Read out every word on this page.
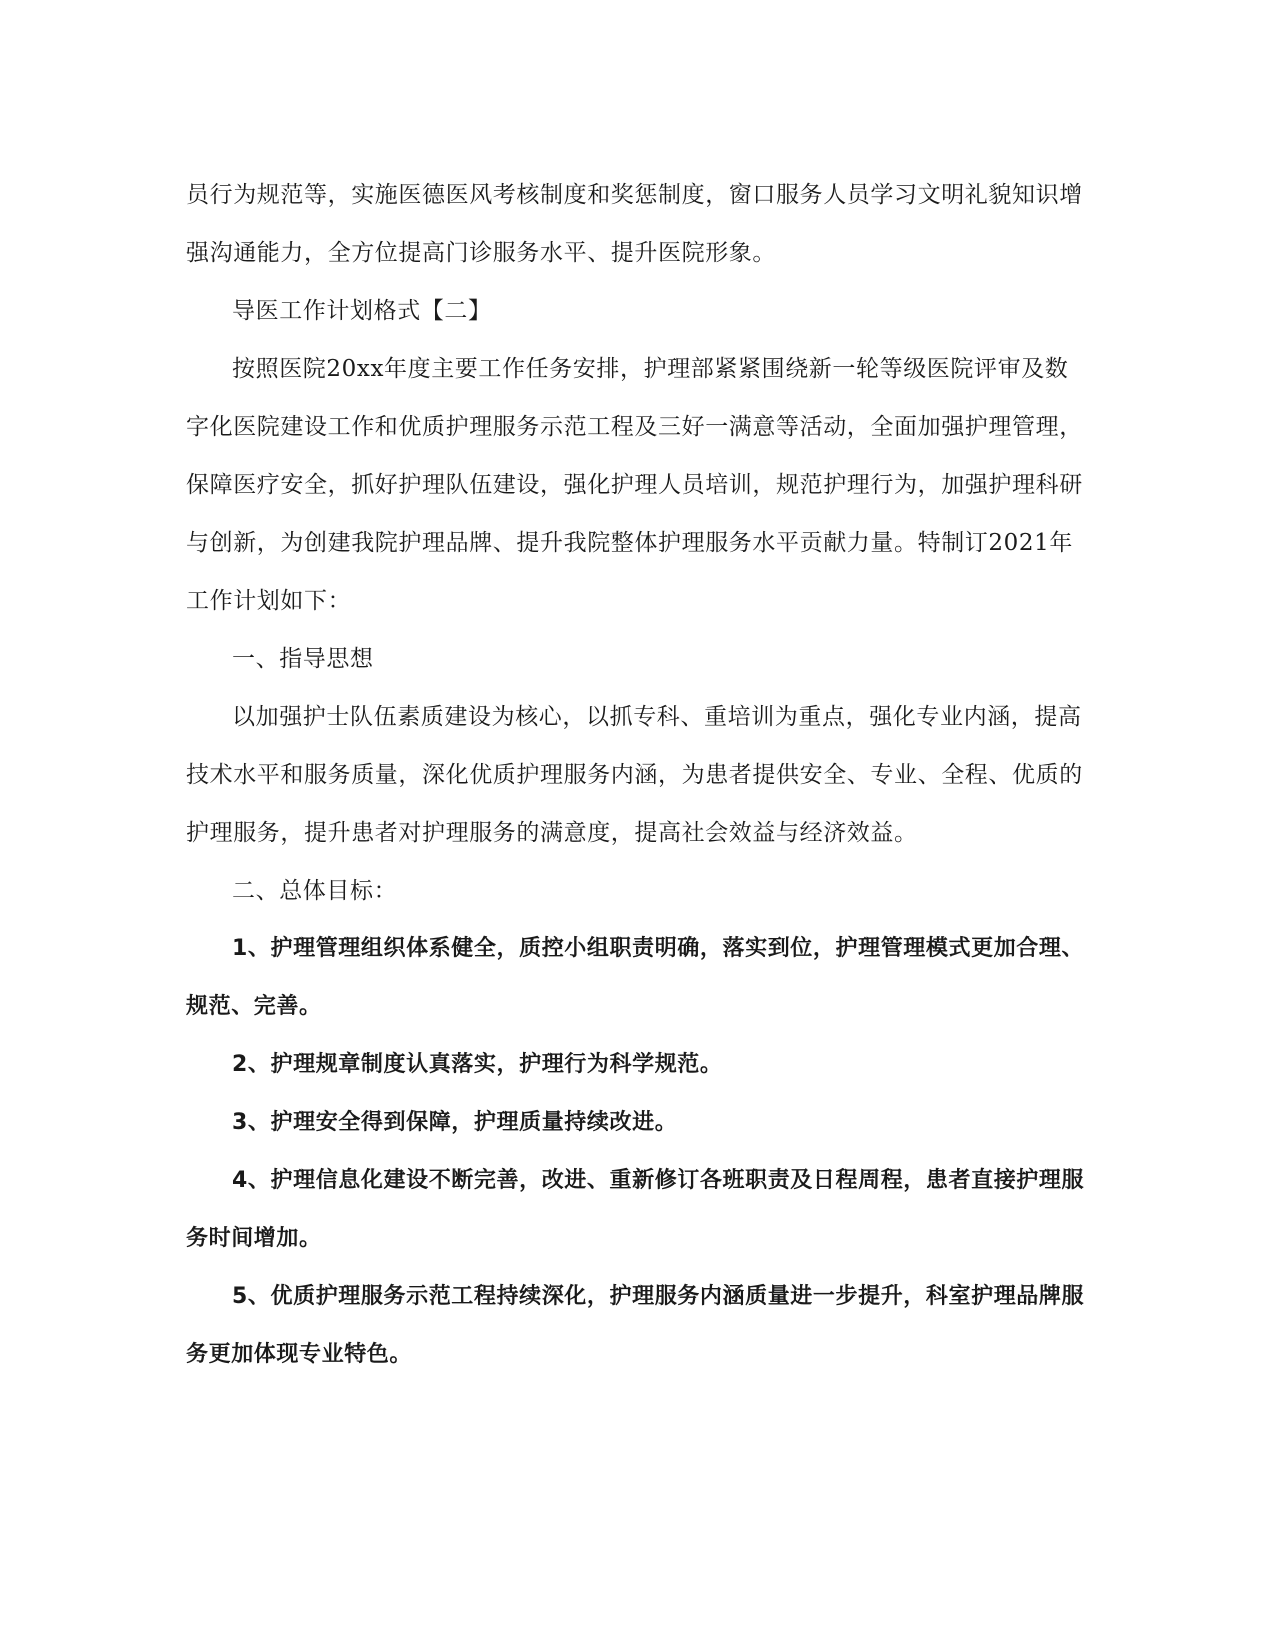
员行为规范等，实施医德医风考核制度和奖惩制度，窗口服务人员学习文明礼貌知识增强沟通能力，全方位提高门诊服务水平、提升医院形象。

导医工作计划格式【二】

按照医院20xx年度主要工作任务安排，护理部紧紧围绕新一轮等级医院评审及数字化医院建设工作和优质护理服务示范工程及三好一满意等活动，全面加强护理管理，保障医疗安全，抓好护理队伍建设，强化护理人员培训，规范护理行为，加强护理科研与创新，为创建我院护理品牌、提升我院整体护理服务水平贡献力量。特制订2021年工作计划如下：

一、指导思想

以加强护士队伍素质建设为核心，以抓专科、重培训为重点，强化专业内涵，提高技术水平和服务质量，深化优质护理服务内涵，为患者提供安全、专业、全程、优质的护理服务，提升患者对护理服务的满意度，提高社会效益与经济效益。

二、总体目标：

1、护理管理组织体系健全，质控小组职责明确，落实到位，护理管理模式更加合理、规范、完善。

2、护理规章制度认真落实，护理行为科学规范。

3、护理安全得到保障，护理质量持续改进。

4、护理信息化建设不断完善，改进、重新修订各班职责及日程周程，患者直接护理服务时间增加。

5、优质护理服务示范工程持续深化，护理服务内涵质量进一步提升，科室护理品牌服务更加体现专业特色。
